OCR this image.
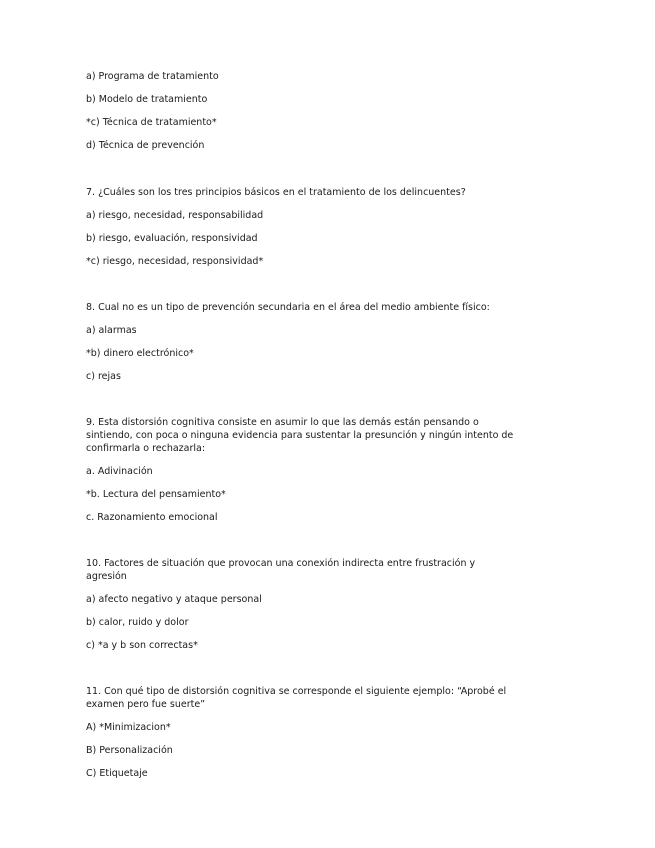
a) Programa de tratamiento
b) Modelo de tratamiento
*c) Técnica de tratamiento*
d) Técnica de prevención
7. ¿Cuáles son los tres principios básicos en el tratamiento de los delincuentes?
a) riesgo, necesidad, responsabilidad
b) riesgo, evaluación, responsividad
*c) riesgo, necesidad, responsividad*
8. Cual no es un tipo de prevención secundaria en el área del medio ambiente físico:
a) alarmas
*b) dinero electrónico*
c) rejas
9. Esta distorsión cognitiva consiste en asumir lo que las demás están pensando o sintiendo, con poca o ninguna evidencia para sustentar la presunción y ningún intento de confirmarla o rechazarla:
a. Adivinación
*b. Lectura del pensamiento*
c. Razonamiento emocional
10. Factores de situación que provocan una conexión indirecta entre frustración y agresión
a) afecto negativo y ataque personal
b) calor, ruido y dolor
c) *a y b son correctas*
11. Con qué tipo de distorsión cognitiva se corresponde el siguiente ejemplo: “Aprobé el examen pero fue suerte”
A) *Minimizacion*
B) Personalización
C) Etiquetaje
